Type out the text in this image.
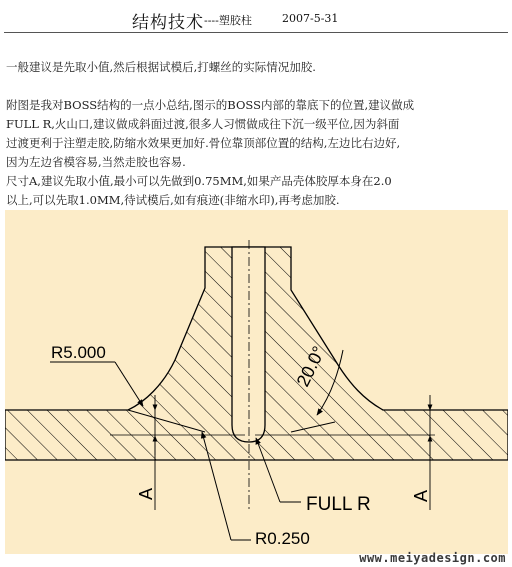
结构技术 ----塑胶柱	2007-5-31
一般建议是先取小值,然后根据试模后,打螺丝的实际情况加胶.
附图是我对BOSS结构的一点小总结,图示的BOSS内部的靠底下的位置,建议做成
FULL R,火山口,建议做成斜面过渡,很多人习惯做成往下沉一级平位,因为斜面
过渡更利于注塑走胶,防缩水效果更加好.骨位靠顶部位置的结构,左边比右边好,
因为左边省模容易,当然走胶也容易.
尺寸A,建议先取小值,最小可以先做到0.75MM,如果产品壳体胶厚本身在2.0
以上,可以先取1.0MM,待试模后,如有痕迹(非缩水印),再考虑加胶.
A	A
R5.000	20.0°
FULL R
R0.250
www.meiyadesign.com
